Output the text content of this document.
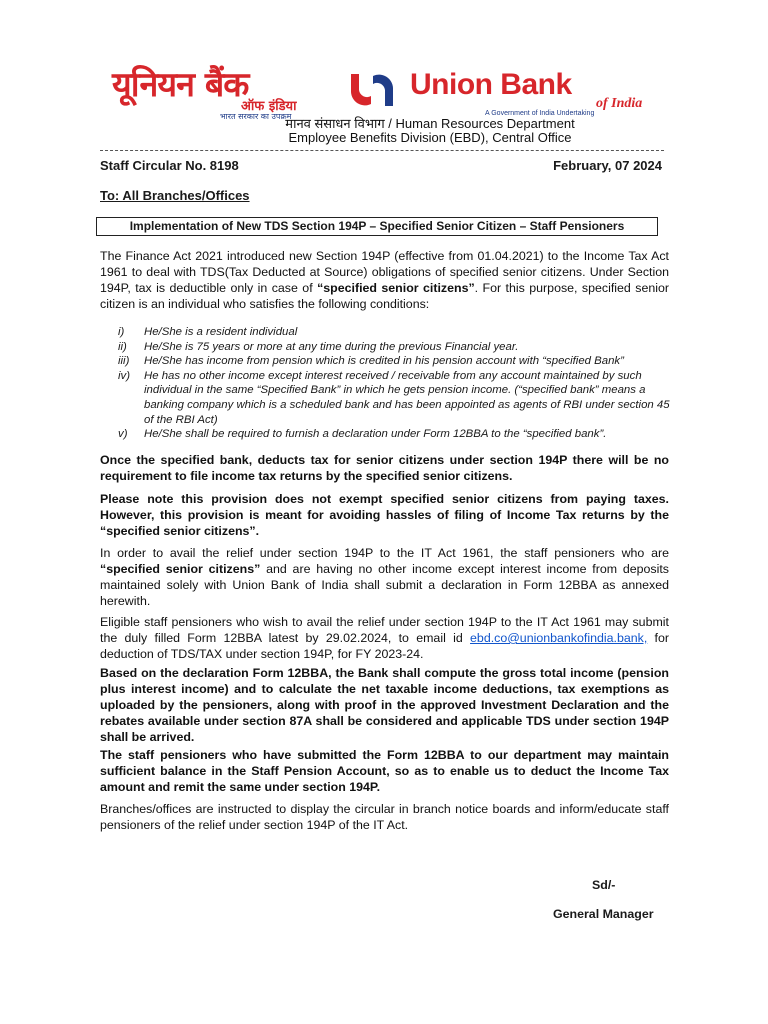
यूनियन बैंक
ऑफ इंडिया
भारत सरकार का उपक्रम
Union Bank
of India
A Government of India Undertaking
मानव संसाधन विभाग / Human Resources Department
Employee Benefits Division (EBD), Central Office
Staff Circular No. 8198	February, 07 2024
To: All Branches/Offices
Implementation of New TDS Section 194P – Specified Senior Citizen – Staff Pensioners

The Finance Act 2021 introduced new Section 194P (effective from 01.04.2021) to the Income Tax Act 1961 to deal with TDS(Tax Deducted at Source) obligations of specified senior citizens. Under Section 194P, tax is deductible only in case of “specified senior citizens”. For this purpose, specified senior citizen is an individual who satisfies the following conditions:

i) He/She is a resident individual
ii) He/She is 75 years or more at any time during the previous Financial year.
iii) He/She has income from pension which is credited in his pension account with “specified Bank”
iv) He has no other income except interest received / receivable from any account maintained by such individual in the same “Specified Bank” in which he gets pension income. (“specified bank” means a banking company which is a scheduled bank and has been appointed as agents of RBI under section 45 of the RBI Act)
v) He/She shall be required to furnish a declaration under Form 12BBA to the “specified bank”.
Once the specified bank, deducts tax for senior citizens under section 194P there will be no requirement to file income tax returns by the specified senior citizens.
Please note this provision does not exempt specified senior citizens from paying taxes. However, this provision is meant for avoiding hassles of filing of Income Tax returns by the “specified senior citizens”.

In order to avail the relief under section 194P to the IT Act 1961, the staff pensioners who are “specified senior citizens” and are having no other income except interest income from deposits maintained solely with Union Bank of India shall submit a declaration in Form 12BBA as annexed herewith.

Eligible staff pensioners who wish to avail the relief under section 194P to the IT Act 1961 may submit the duly filled Form 12BBA latest by 29.02.2024, to email id ebd.co@unionbankofindia.bank, for deduction of TDS/TAX under section 194P, for FY 2023-24.

Based on the declaration Form 12BBA, the Bank shall compute the gross total income (pension plus interest income) and to calculate the net taxable income deductions, tax exemptions as uploaded by the pensioners, along with proof in the approved Investment Declaration and the rebates available under section 87A shall be considered and applicable TDS under section 194P shall be arrived.
The staff pensioners who have submitted the Form 12BBA to our department may maintain sufficient balance in the Staff Pension Account, so as to enable us to deduct the Income Tax amount and remit the same under section 194P.
Branches/offices are instructed to display the circular in branch notice boards and inform/educate staff pensioners of the relief under section 194P of the IT Act.
Sd/-
General Manager
